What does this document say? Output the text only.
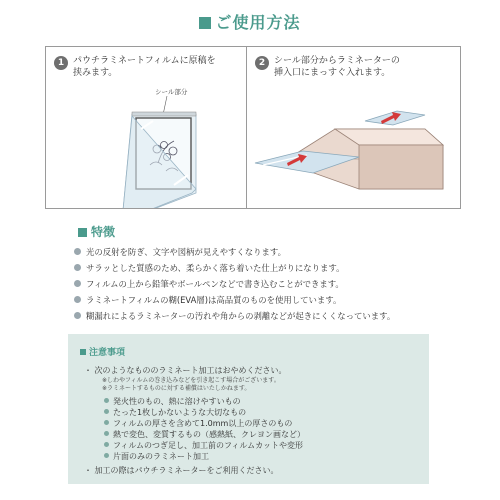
ご使用方法
1 パウチラミネートフィルムに原稿を
挟みます。
シール部分
2 シール部分からラミネーターの
挿入口にまっすぐ入れます。
特徴
光の反射を防ぎ、文字や図柄が見えやすくなります。
サラッとした質感のため、柔らかく落ち着いた仕上がりになります。
フィルムの上から鉛筆やボールペンなどで書き込むことができます。
ラミネートフィルムの糊(EVA層)は高品質のものを使用しています。
糊漏れによるラミネーターの汚れや角からの剥離などが起きにくくなっています。
注意事項
・ 次のようなもののラミネート加工はおやめください。
※しわやフィルムの巻き込みなどを引き起こす場合がございます。
※ラミネートするものに対する補償はいたしかねます。
発火性のもの、熱に溶けやすいもの
たった1枚しかないような大切なもの
フィルムの厚さを含めて1.0mm以上の厚さのもの
熱で変色、変質するもの（感熱紙、クレヨン画など）
フィルムのつぎ足し、加工前のフィルムカットや変形
片面のみのラミネート加工
・ 加工の際はパウチラミネーターをご利用ください。
